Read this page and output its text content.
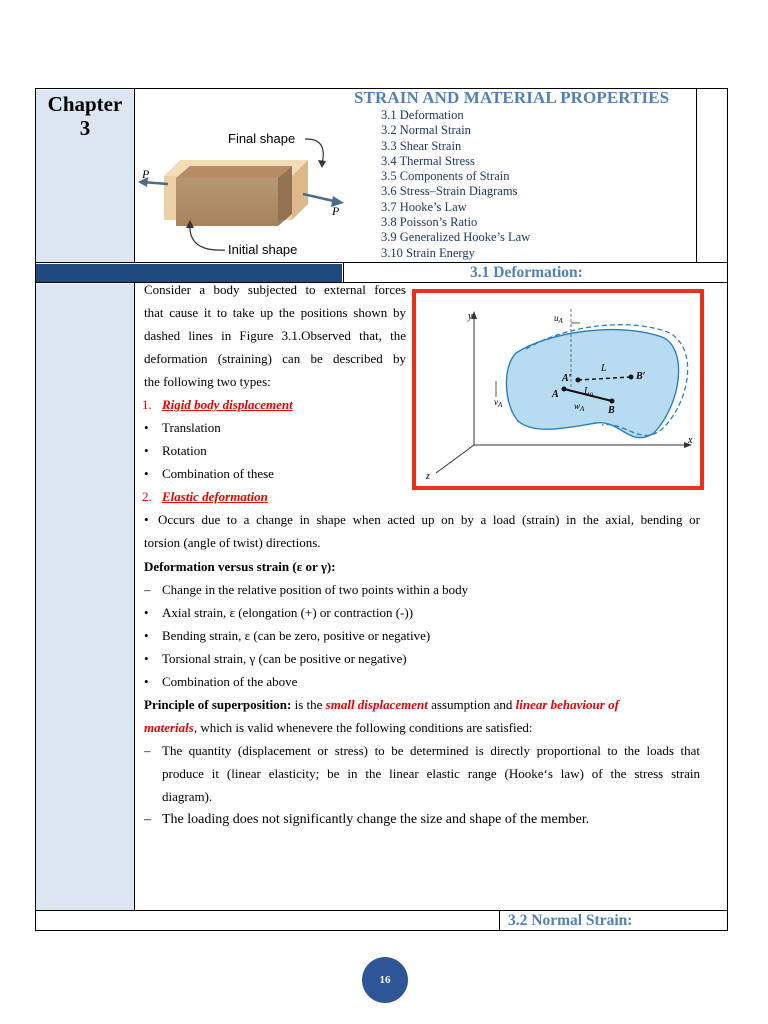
Chapter
3
STRAIN AND MATERIAL PROPERTIES
3.1 Deformation
3.2 Normal Strain
3.3 Shear Strain
3.4 Thermal Stress
3.5 Components of Strain
3.6 Stress–Strain Diagrams
3.7 Hooke’s Law
3.8 Poisson’s Ratio
3.9 Generalized Hooke’s Law
3.10 Strain Energy
P
P
Final shape
Initial shape
3.1 Deformation:
3.2 Normal Strain:
y
x
z
$u_A$
$v_A$
A
A′	B′
B
L
$L_o$
$w_A$
Consider a body subjected to external forces
that cause it to take up the positions shown by
dashed lines in Figure 3.1.Observed that, the
deformation (straining) can be described by
the following two types:
1. Rigid body displacement
• Translation
• Rotation
• Combination of these
2. Elastic deformation
• Occurs due to a change in shape when acted up on by a load (strain) in the axial, bending or
torsion (angle of twist) directions.
Deformation versus strain (ε or γ):
– Change in the relative position of two points within a body
• Axial strain, ε (elongation (+) or contraction (-))
• Bending strain, ε (can be zero, positive or negative)
• Torsional strain, γ (can be positive or negative)
• Combination of the above
Principle of superposition: is the small displacement assumption and linear behaviour of
materials, which is valid whenevere the following conditions are satisfied:
– The quantity (displacement or stress) to be determined is directly proportional to the loads that
produce it (linear elasticity; be in the linear elastic range (Hooke‘s law) of the stress strain
diagram).
– The loading does not significantly change the size and shape of the member.
16
